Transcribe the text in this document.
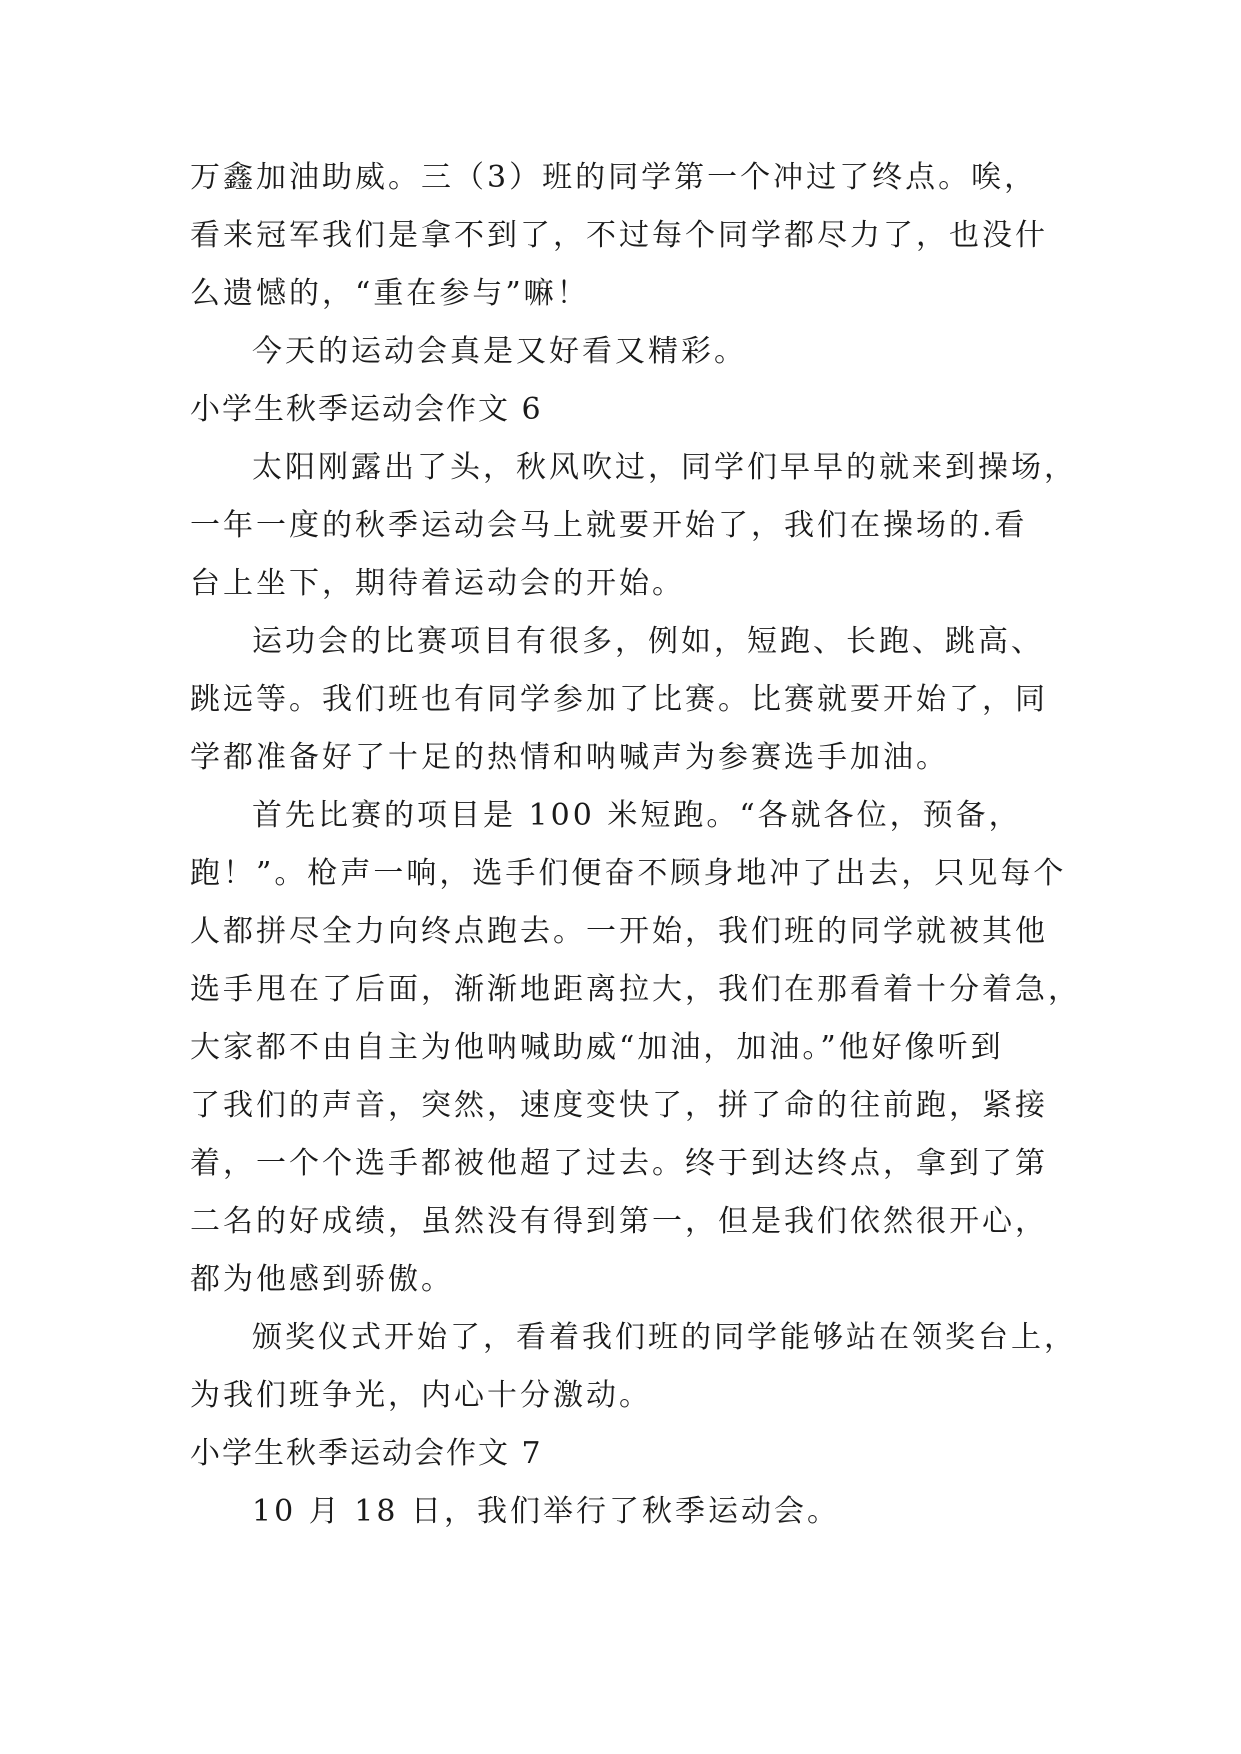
万鑫加油助威。三（3）班的同学第一个冲过了终点。唉，
看来冠军我们是拿不到了，不过每个同学都尽力了，也没什
么遗憾的，“重在参与”嘛！
今天的运动会真是又好看又精彩。
小学生秋季运动会作文 6
太阳刚露出了头，秋风吹过，同学们早早的就来到操场，
一年一度的秋季运动会马上就要开始了，我们在操场的.看
台上坐下，期待着运动会的开始。
运功会的比赛项目有很多，例如，短跑、长跑、跳高、
跳远等。我们班也有同学参加了比赛。比赛就要开始了，同
学都准备好了十足的热情和呐喊声为参赛选手加油。
首先比赛的项目是 100 米短跑。“各就各位，预备，
跑！”。枪声一响，选手们便奋不顾身地冲了出去，只见每个
人都拼尽全力向终点跑去。一开始，我们班的同学就被其他
选手甩在了后面，渐渐地距离拉大，我们在那看着十分着急，
大家都不由自主为他呐喊助威“加油，加油。”他好像听到
了我们的声音，突然，速度变快了，拼了命的往前跑，紧接
着，一个个选手都被他超了过去。终于到达终点，拿到了第
二名的好成绩，虽然没有得到第一，但是我们依然很开心，
都为他感到骄傲。
颁奖仪式开始了，看着我们班的同学能够站在领奖台上，
为我们班争光，内心十分激动。
小学生秋季运动会作文 7
10 月 18 日，我们举行了秋季运动会。
